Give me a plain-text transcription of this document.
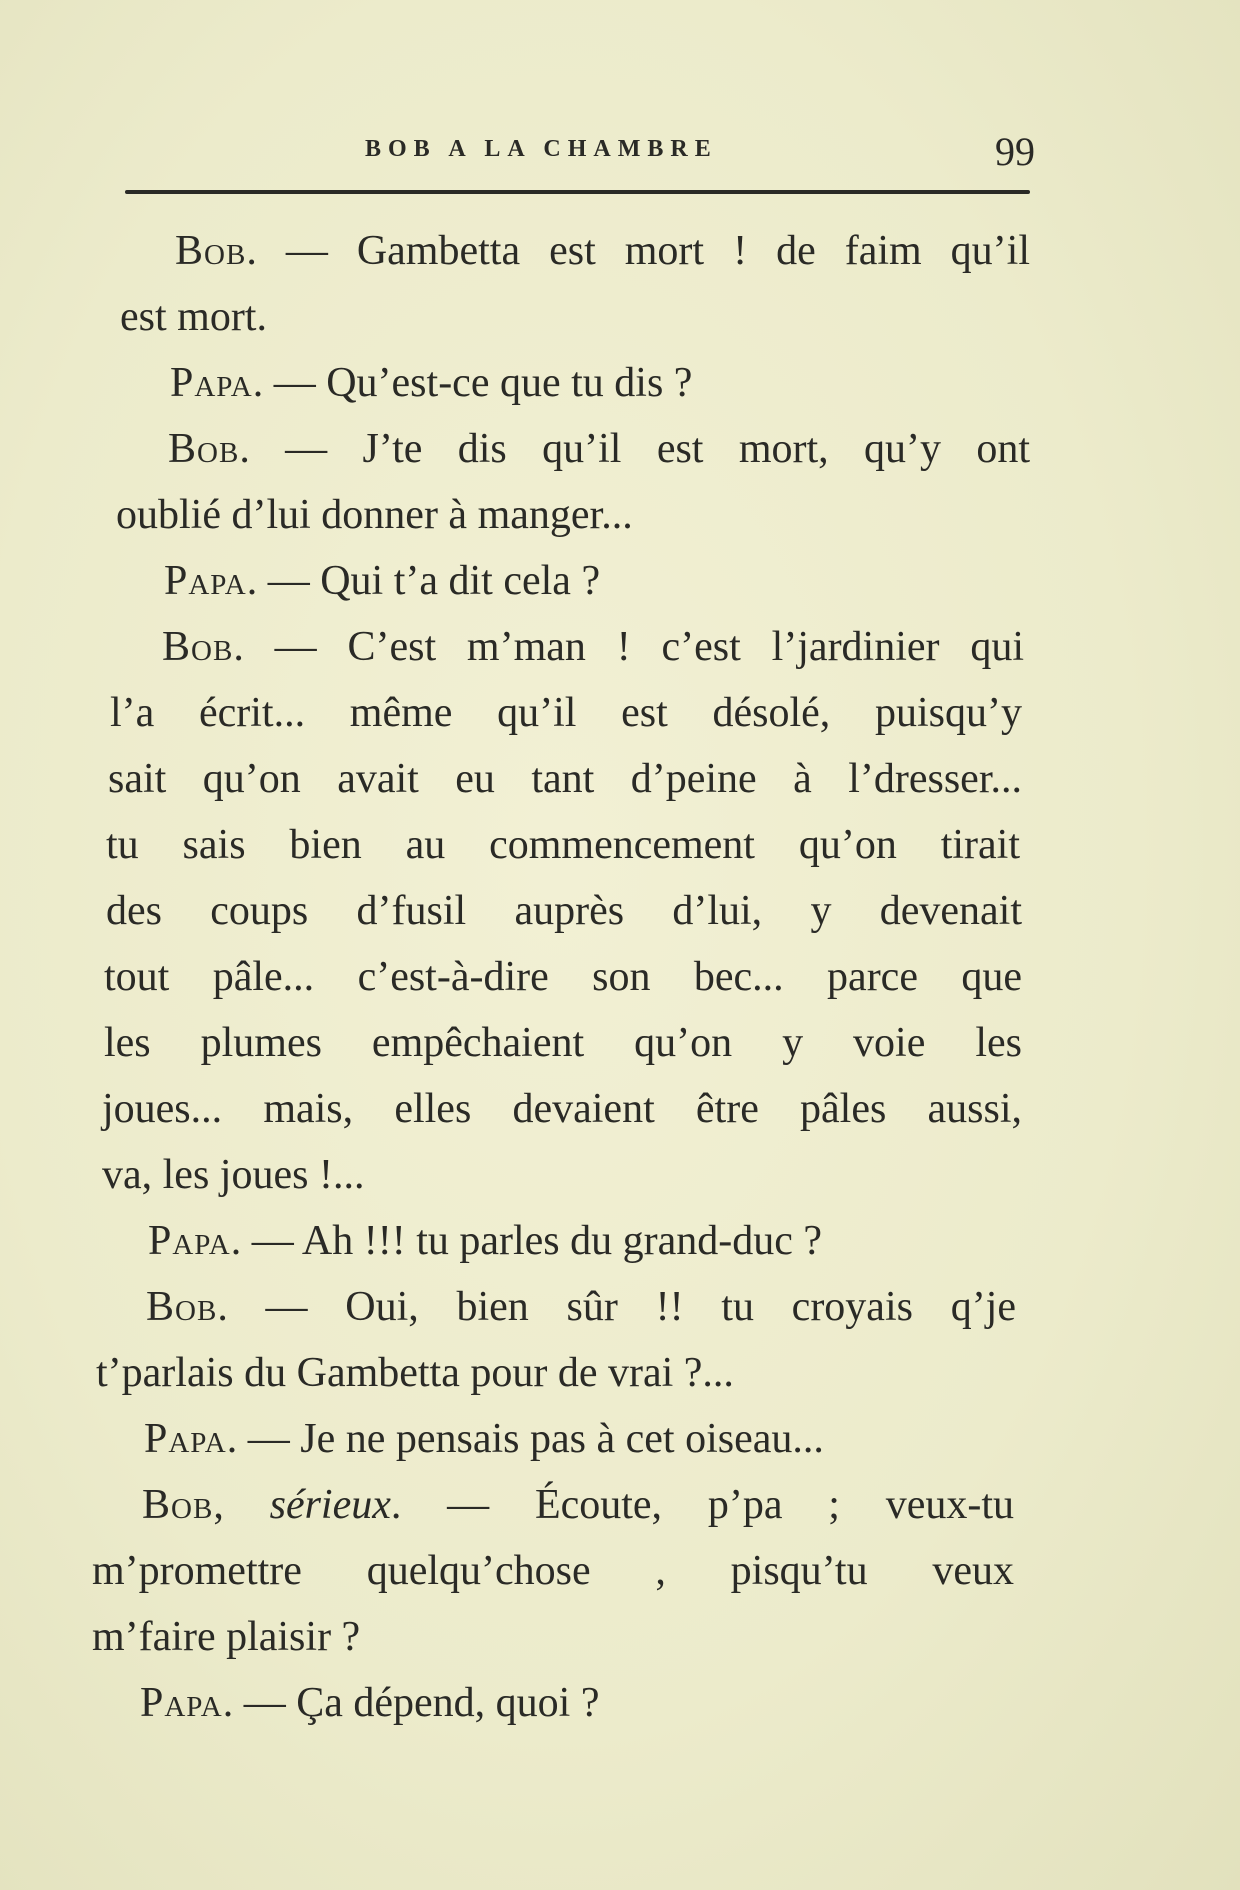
BOB A LA CHAMBRE	99
Bob. — Gambetta est mort ! de faim qu’il
est mort.
Papa. — Qu’est-ce que tu dis ?
Bob. — J’te dis qu’il est mort, qu’y ont
oublié d’lui donner à manger...
Papa. — Qui t’a dit cela ?
Bob. — C’est m’man ! c’est l’jardinier qui
l’a écrit... même qu’il est désolé, puisqu’y
sait qu’on avait eu tant d’peine à l’dresser...
tu sais bien au commencement qu’on tirait
des coups d’fusil auprès d’lui, y devenait
tout pâle... c’est-à-dire son bec... parce que
les plumes empêchaient qu’on y voie les
joues... mais, elles devaient être pâles aussi,
va, les joues !...
Papa. — Ah !!! tu parles du grand-duc ?
Bob. — Oui, bien sûr !! tu croyais q’je
t’parlais du Gambetta pour de vrai ?...
Papa. — Je ne pensais pas à cet oiseau...
Bob, sérieux. — Écoute, p’pa ; veux-tu
m’promettre quelqu’chose , pisqu’tu veux
m’faire plaisir ?
Papa. — Ça dépend, quoi ?
